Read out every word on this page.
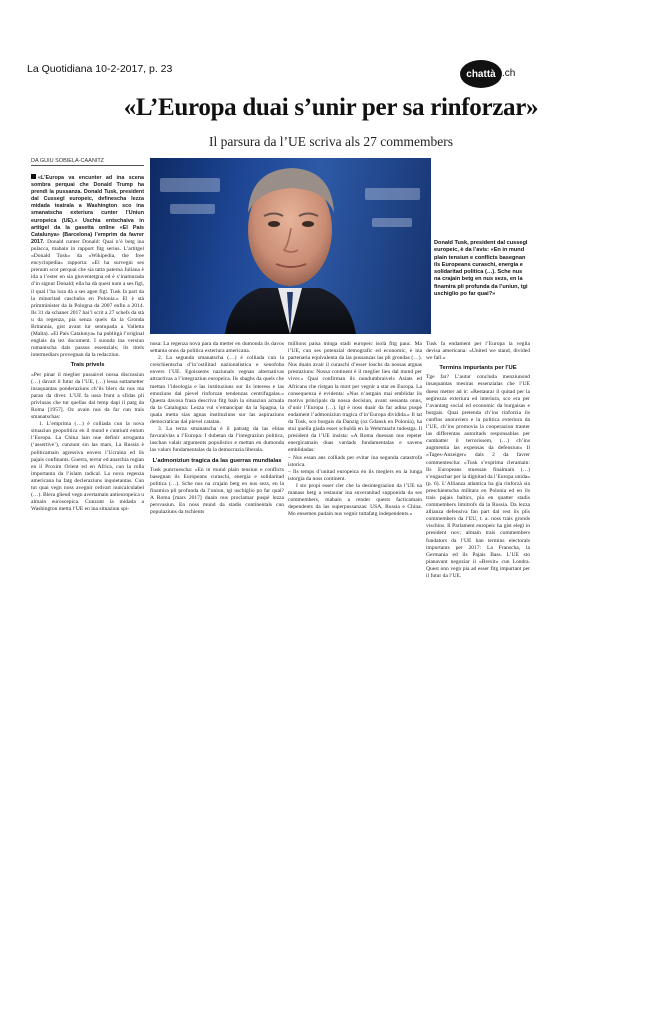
La Quotidiana 10-2-2017, p. 23	chattà .ch
«L’Europa duai s’unir per sa rinforzar»
Il parsura da l’UE scriva als 27 commembers
DA GUIU SOBIELA-CAANITZ
Donald Tusk, president dal cussegl europeic, è da l’avis: «En in mund plain tensiun e conflicts basegnan ils Europeans curaschi, energia e solidaritad politica (…). Sche nus na crajain betg en nus sezs, en la finamira pli profunda da l’uniun, tgi uschiglio po far quai?»

«L’Europa va encunter ad ina scena sombra perquai che Donald Trump ha prendi la pussanza. Donald Tusk, president dal Cussegl europeic, definescha lezza midada teatrala a Washington sco ina smanatscha exteriura cunter l’Uniun europeica (UE).» Uschia entschaiva in artitgel da la gasetta online «El País Catalunya» (Barcelona) l’emprim da favrer 2017. Donald cunter Donald: Quai n’è betg ina pulacca, mabain in rapport fitg serius. L’artitgel «Donald Tusk» da «Wikipedia, the free encyclopedia» rapporta: «El ha survegni ses prenum scot perquai che sia tatta paterna Juliana è ida a l’ester en sia giuventetgna ed è s’inamurada d’in signur Donald; ella ha dà quest num a ses figl, il qual l’ha lura dà a ses agen figl. Tusk fa part da la minoritad caschuba en Polonia.» El è stà primminister da la Pologna da 2007 enfin a 2014. Ils 31 da schaner 2017 hai’l scrit a 27 schefs da stà u da regenza, pia senza quels da la Gronda Britannia, gist avant lur sentupada a Valletta (Malta). «El País Catalunya» ha publitgà l’original englais da lez document. I suonda ina versiun rumantscha dals passus essenzials; ils titels intermediars provegnan da la redacziun.

Trais privels

«Per pinar il meglier pussaivel nossa discussiun (…) davart il futur da l’UE, (…) lessa suttametter insaquantas ponderaziuns ch’ils blers da nus ma paran da diver. L’UE fa ussa frunt a sfidas pli privlusas che tut quellas dal temp dapi il patg da Roma [1957]. Oz avain nus da far cun trais smanatschas:

1. L’emprima (…) è colliada cun la nova situaziun geopolitica en il mund e cuntiunt entum l’Europa. La China lain nue definir arroganta (‘assertive’), cunzunt sin las mars, La Russia è politicamain agressiva envers l’Ucraina ed ils pajais confinants. Guerra, terrur ed anarchia regian en il Proxim Orient ed en Africa, cun la rolla importanta da l’islam radical. La nova regenza americana ha fatg decleraziuns inquietantas. Cun tut quai vegn noss avegnir ordvart nuncalculabel (…). Blera glieud vegn avertamain antieuropeica u almain euroscepica. Cunzunt la midada a Washington metta l’UE en ina situaziun spi-

nusa: La regenza nova para da metter en dumonda ils davos settanta onns da politica exteriura americana.

2. La segunda smanatscha (…) è colliada cun la creschientscha d’in’ostilitad nazionalistica e xenofoba envers l’UE. Egoissems naziunals vegnan alternativas attractivas a l’integraziun europeica. Ils sbaghs da quels che mettan l’ideologia e las instituziuns sur ils interess e las emoziuns dal pievel rinforzan tendenzas centrifugalas.» Questa davosa frasa descriva fitg bain la situaziun actuala da la Catalugna: Lezza vul s’emancipar da la Spagna, la quala metta sias agnas instituziuns sur las aspiraziuns democraticas dal pievel catalan.

3. La terza smanatscha è il patratg da las elitas favuraivlas a l’Europa: I dubetan da l’integraziun politica, laschan valair arguments populistics e mettan en dumonda las valurs fundamentalas da la democrazia liberala.

L’admoniziun tragica da las guerras mundialas

Tusk punctuescha: «En in mund plain tensiun e conflicts basegnan ils Europeans curaschi, energia e solidaritad politica (…). Sche nus na crajain betg en nus sezs, en la finamira pli profunda da l’uniun, tgi uschiglio po far quai? A Roma [mars 2017] duain nus proclamar puspè lezza persvasiun. En noss mund da stadis continentals cun populaziuns da tschients

millions paisa minga stadi europeic isolà fitg pauc. Ma l’UE, cun ses potenzial demografic ed economic, è ina partenaria equivalenta da las pussanzas las pli grondas (…). Nus duain avair il curaschi d’esser loschs da nossas atgnas prestaziuns: Nossa continent è il meglier lieu dal mund per viver.» Quai confirman ils nundumbraivels Asiats ed Africans che ristgan la mort per vegnir a star en Europa. La consequenza è evidenta: «Nus n’astgain mai emblidar ils motivs principals da nossa decisiun, avant sessanta onns, d’unir l’Europa (…). Igl è noss duair da far adina puspè endament l’admoniziun tragica d’in’Europa dividida.» Il tat da Tusk, sco burgais da Danzig (oz Gdansk en Polonia), ha stui quella giada esser schuldà en la Wehrmacht tudestga. Il president da l’UE insista: «A Roma duessan nus repeter energicamain duas vardads fundamentalas e savens emblidadas:

– Nus essan ans colliads per evitar ina segunda catastrofa istorica.

– Ils temps d’unitad europeica èn ils meglers en la lunga istorgia da noss continent.

I sto propi esser cler che la desintegraziun da l’UE na manass betg a restaurar ina suveranitad supponida da ses commembers, mabain a render quests facticamain dependents da las superpussanzas: USA, Russia e China. Mo ensemen pudain nus vegnir tuttafatg independents.»

Tusk fa endament per l’Europa la veglia devisa americana: «United we stand, divided we fall.»

Termins impurtants per l’UE

Tge far? L’autur concluda menziunond insaquantas mesiras essenzialas che l’UE duess metter ad ir: «Restaurar il quitad per la segirezza exteriura ed interiura, sco era per l’avantatg social ed economic da burgaisas e burgais. Quai pretenda ch’ins rinforzia ils cunfins anoraviers e la politica exteriura da l’UE, ch’ins promovia la cooperaziun tranter las differentas autoritads responsablas per cumbatter il terrorissem, (…) ch’ins augmentia las expensas da defensiun» Il «Tages-Anzeiger» dals 2 da favrer commentescha: «Tusk s’exprima cleramain: Ils Europeans stuessan finalmain (…) s’engaschar per la dignitad da l’Europa unida» (p. 6). L’Allianza atlantica ha gia rinforzà sia preschientscha militara en Polonia ed en ils trais pajais baltics, pia en quatter stadis commembers limitrofs da la Russia. Da lezza allianza defensiva fan part dal rest ils plis commembers da l’EU, t. a. noss trais gronds vischins. Il Parlament europeic ha gist elegì in president nov; almain trais commembers fundaturs da l’UE han termins electorals impurtants per 2017: La Franscha, la Germania ed ils Pajais Bass. L’UE sto planavant negoziar il «Brexit» cun Londra. Quest onn vegn pia ad esser fitg impurtant per il futur da l’UE.
